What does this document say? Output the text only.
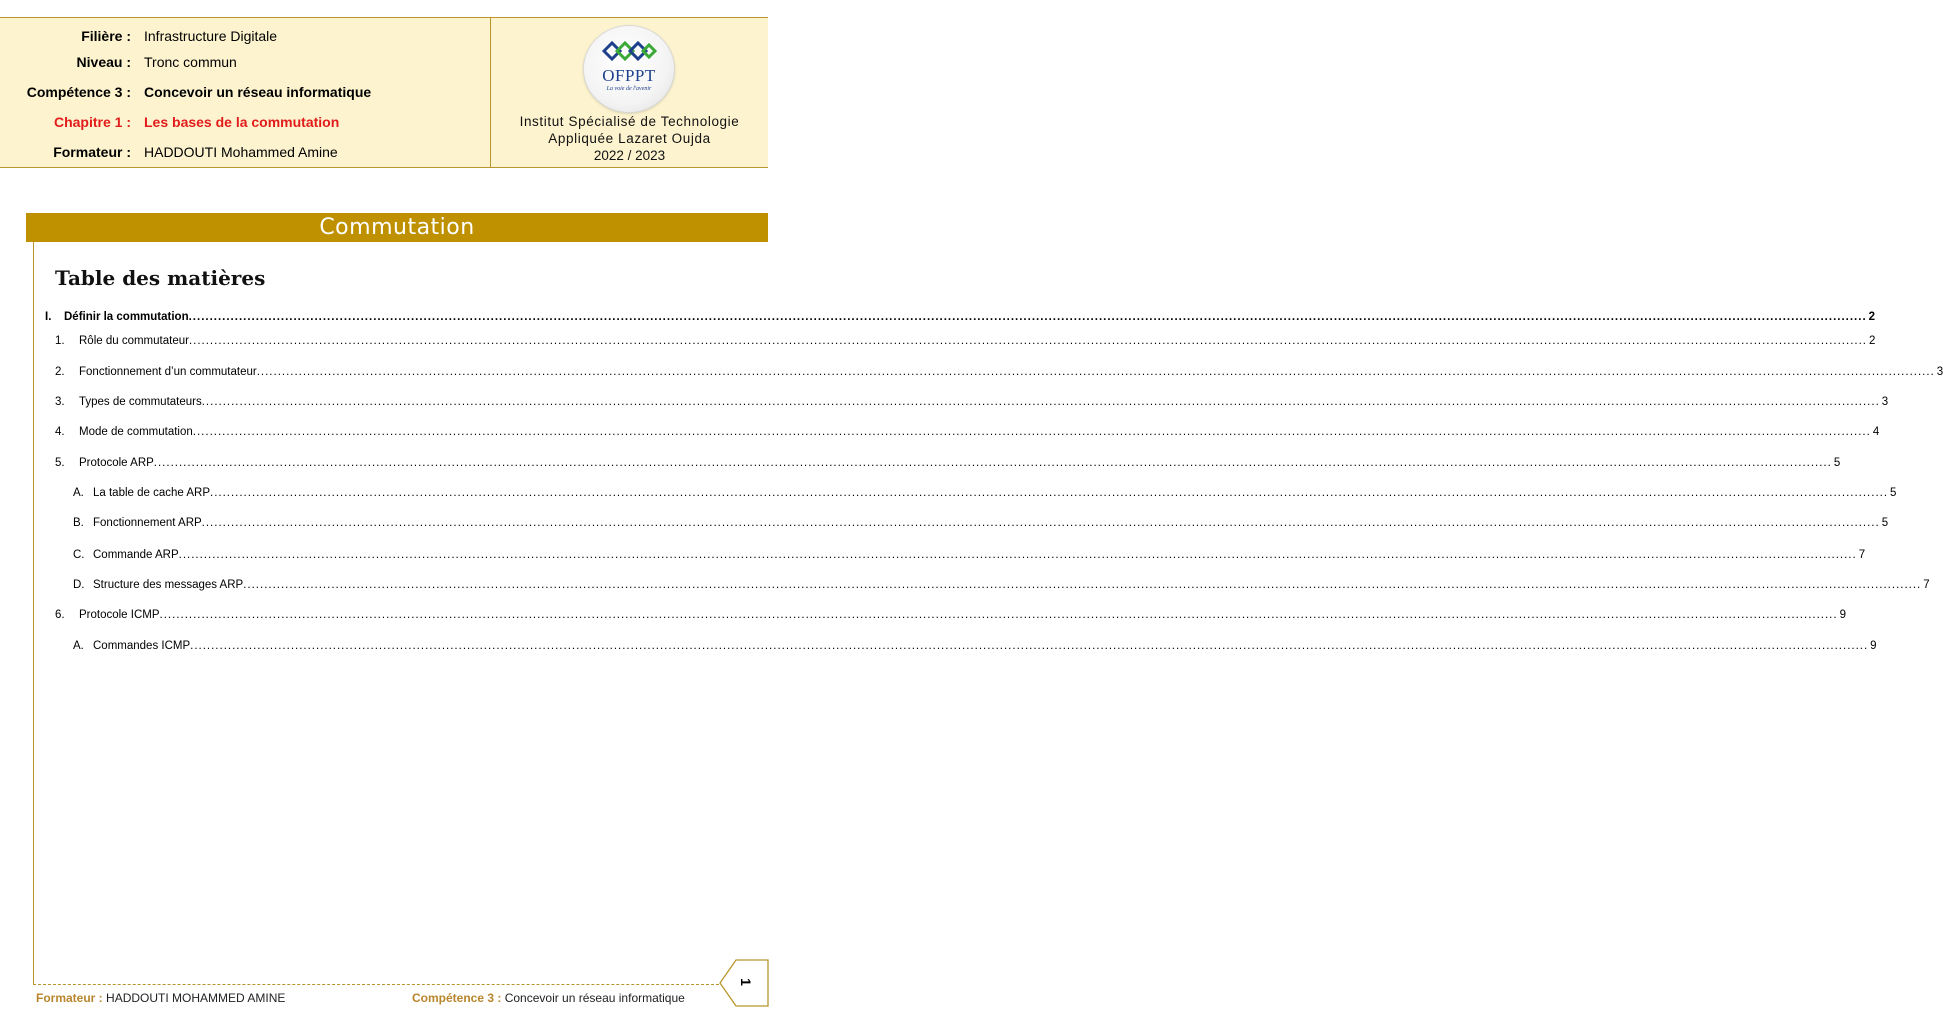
Filière : Infrastructure Digitale
Niveau : Tronc commun
Compétence 3 : Concevoir un réseau informatique
Chapitre 1 : Les bases de la commutation
Formateur : HADDOUTI Mohammed Amine
OFPPT
La voie de l'avenir
Institut Spécialisé de Technologie
Appliquée Lazaret Oujda
2022 / 2023
Commutation
Table des matières
I. Définir la commutation ................................................................................................................................................................................................................................................................................................................................................................................................................ 2
1. Rôle du commutateur ................................................................................................................................................................................................................................................................................................................................................................................................................ 2
2. Fonctionnement d’un commutateur ................................................................................................................................................................................................................................................................................................................................................................................................................ 3
3. Types de commutateurs ................................................................................................................................................................................................................................................................................................................................................................................................................ 3
4. Mode de commutation ................................................................................................................................................................................................................................................................................................................................................................................................................ 4
5. Protocole ARP ................................................................................................................................................................................................................................................................................................................................................................................................................ 5
A. La table de cache ARP ................................................................................................................................................................................................................................................................................................................................................................................................................ 5
B. Fonctionnement ARP ................................................................................................................................................................................................................................................................................................................................................................................................................ 5
C. Commande ARP ................................................................................................................................................................................................................................................................................................................................................................................................................ 7
D. Structure des messages ARP ................................................................................................................................................................................................................................................................................................................................................................................................................ 7
6. Protocole ICMP ................................................................................................................................................................................................................................................................................................................................................................................................................ 9
A. Commandes ICMP ................................................................................................................................................................................................................................................................................................................................................................................................................ 9
Formateur : HADDOUTI MOHAMMED AMINE	Compétence 3 : Concevoir un réseau informatique
1
